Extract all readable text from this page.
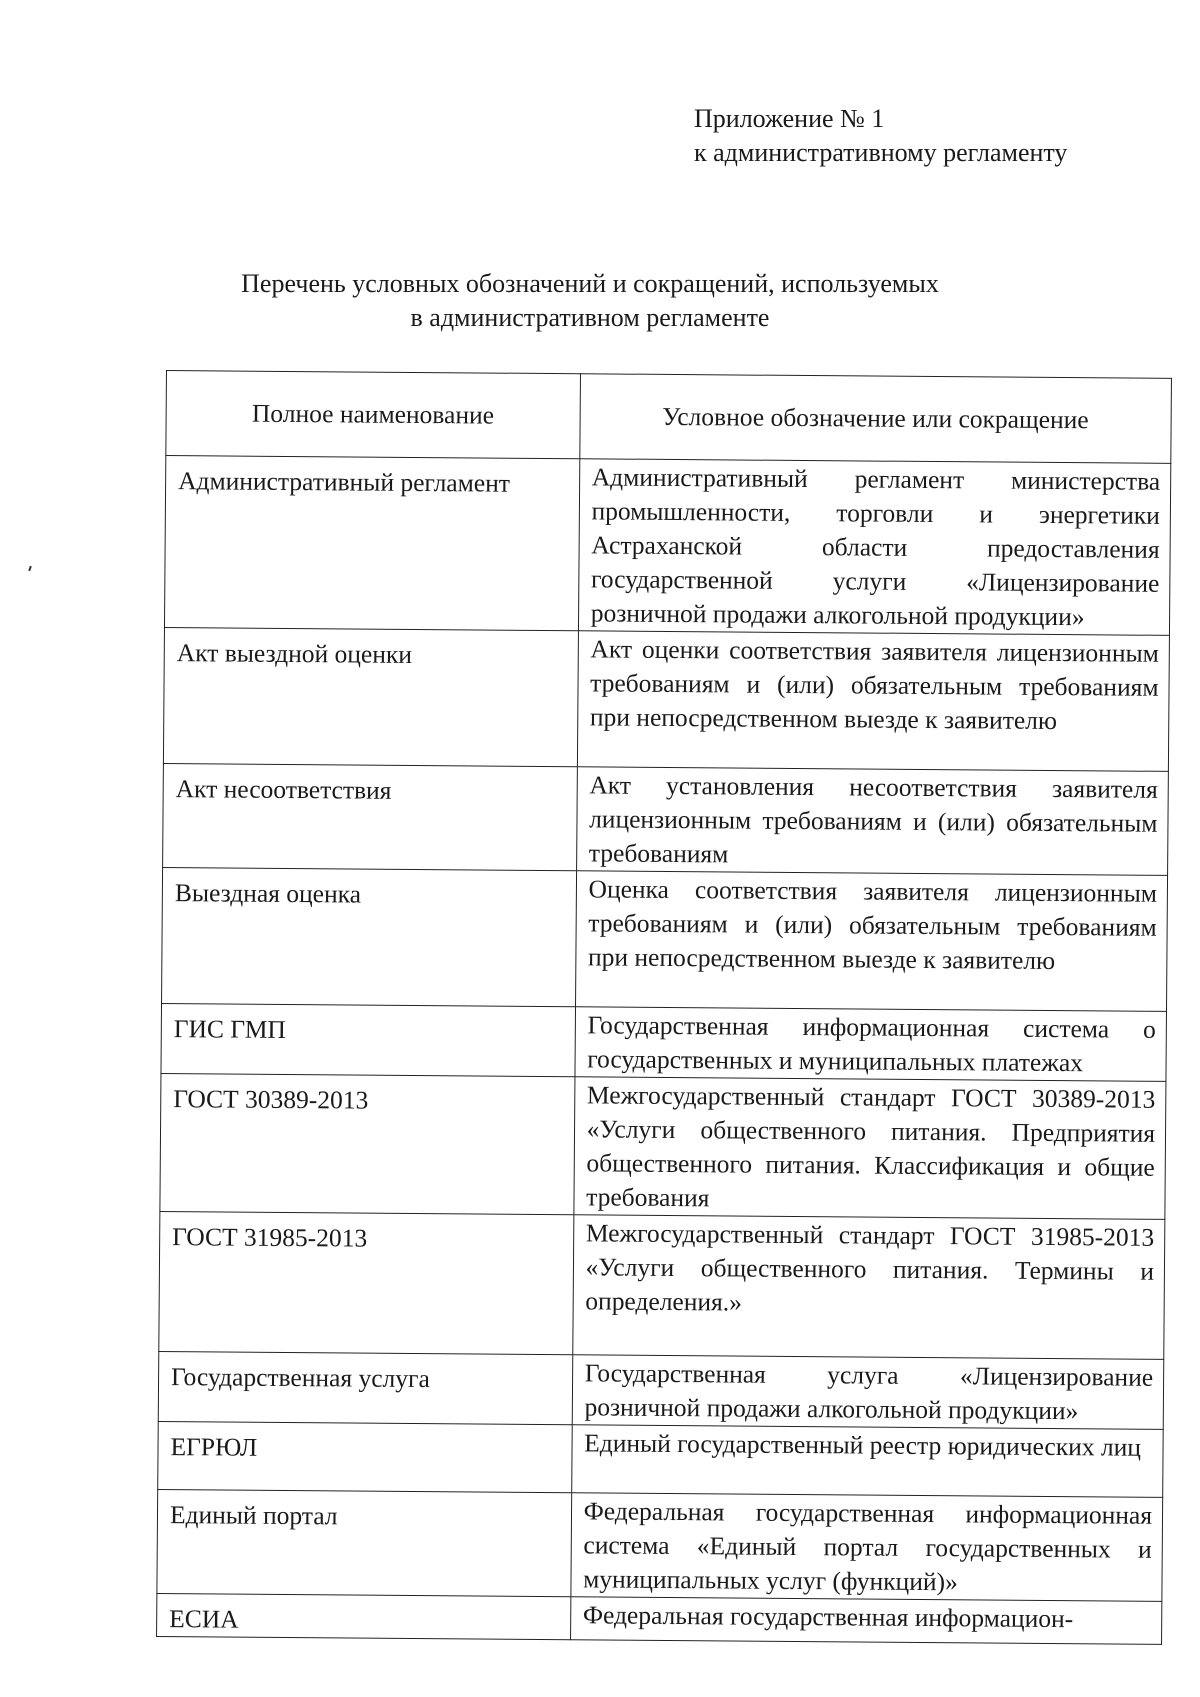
Приложение № 1
к административному регламенту
Перечень условных обозначений и сокращений, используемых
в административном регламенте
Полное наименование	Условное обозначение или сокращение
Административный регламент	Административный регламент министерства промышленности, торговли и энергетики Астраханской области предоставления государственной услуги «Лицензирование розничной продажи алкогольной продукции»
Акт выездной оценки	Акт оценки соответствия заявителя лицензионным требованиям и (или) обязательным требованиям при непосредственном выезде к заявителю
Акт несоответствия	Акт установления несоответствия заявителя лицензионным требованиям и (или) обязательным требованиям
Выездная оценка	Оценка соответствия заявителя лицензионным требованиям и (или) обязательным требованиям при непосредственном выезде к заявителю
ГИС ГМП	Государственная информационная система о государственных и муниципальных платежах
ГОСТ 30389-2013	Межгосударственный стандарт ГОСТ 30389-2013 «Услуги общественного питания. Предприятия общественного питания. Классификация и общие требования
ГОСТ 31985-2013	Межгосударственный стандарт ГОСТ 31985-2013 «Услуги общественного питания. Термины и определения.»
Государственная услуга	Государственная услуга «Лицензирование розничной продажи алкогольной продукции»
ЕГРЮЛ	Единый государственный реестр юридических лиц
Единый портал	Федеральная государственная информационная система «Единый портал государственных и муниципальных услуг (функций)»
ЕСИА	Федеральная государственная информацион-
